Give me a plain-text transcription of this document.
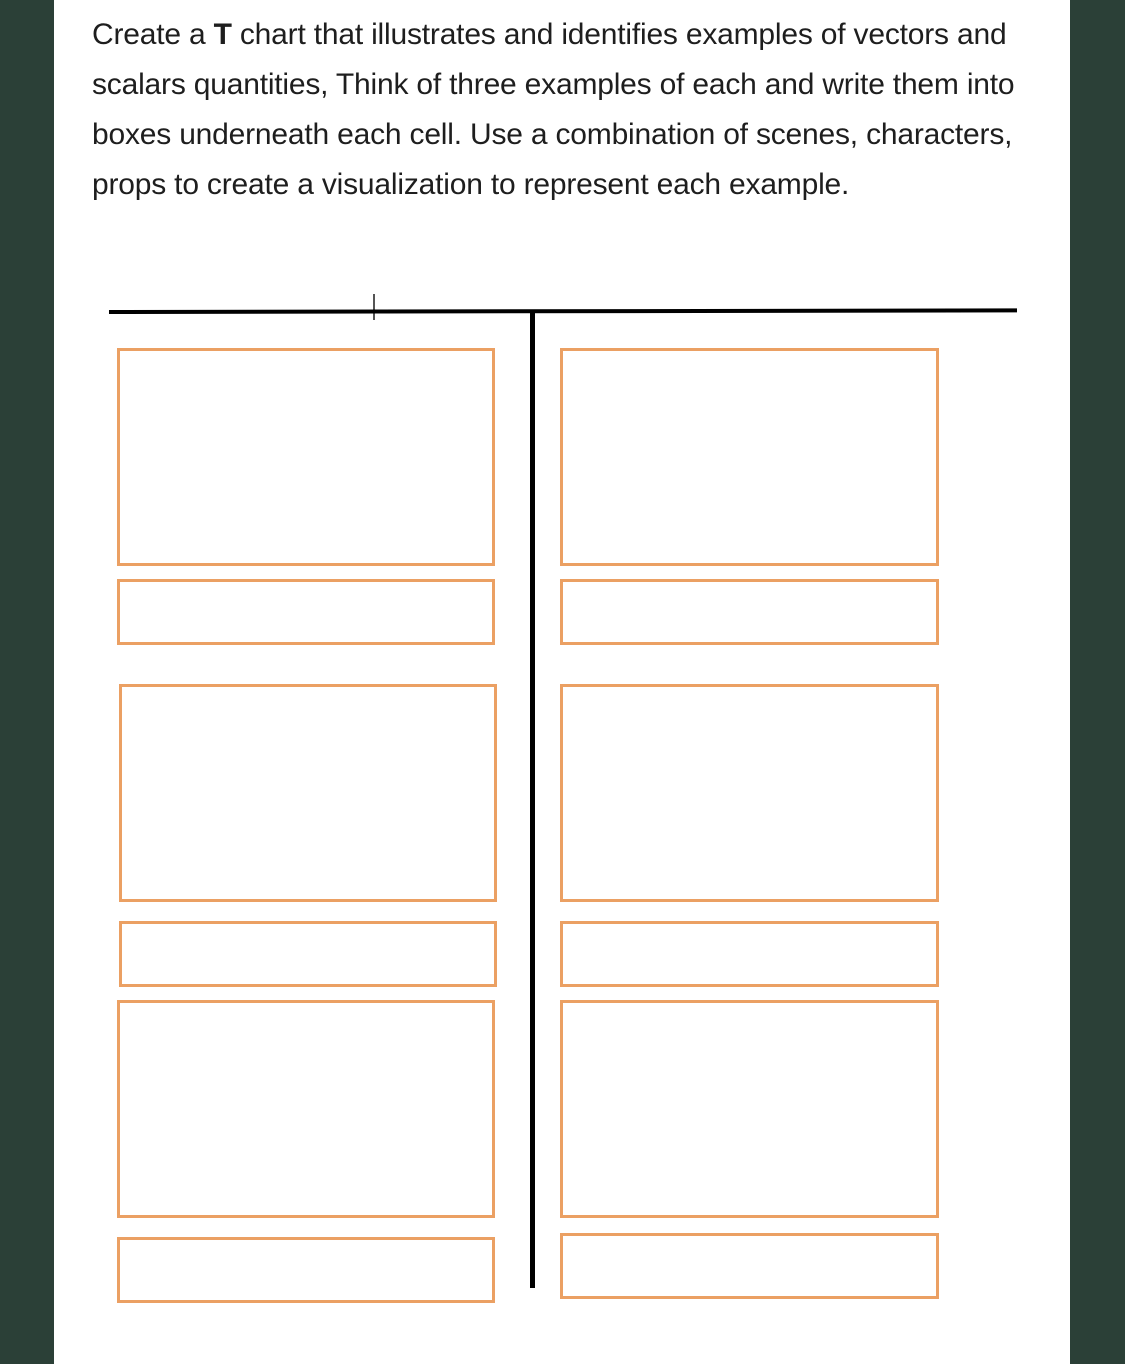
Create a T chart that illustrates and identifies examples of vectors and scalars quantities, Think of three examples of each and write them into boxes underneath each cell. Use a combination of scenes, characters, props to create a visualization to represent each example.
